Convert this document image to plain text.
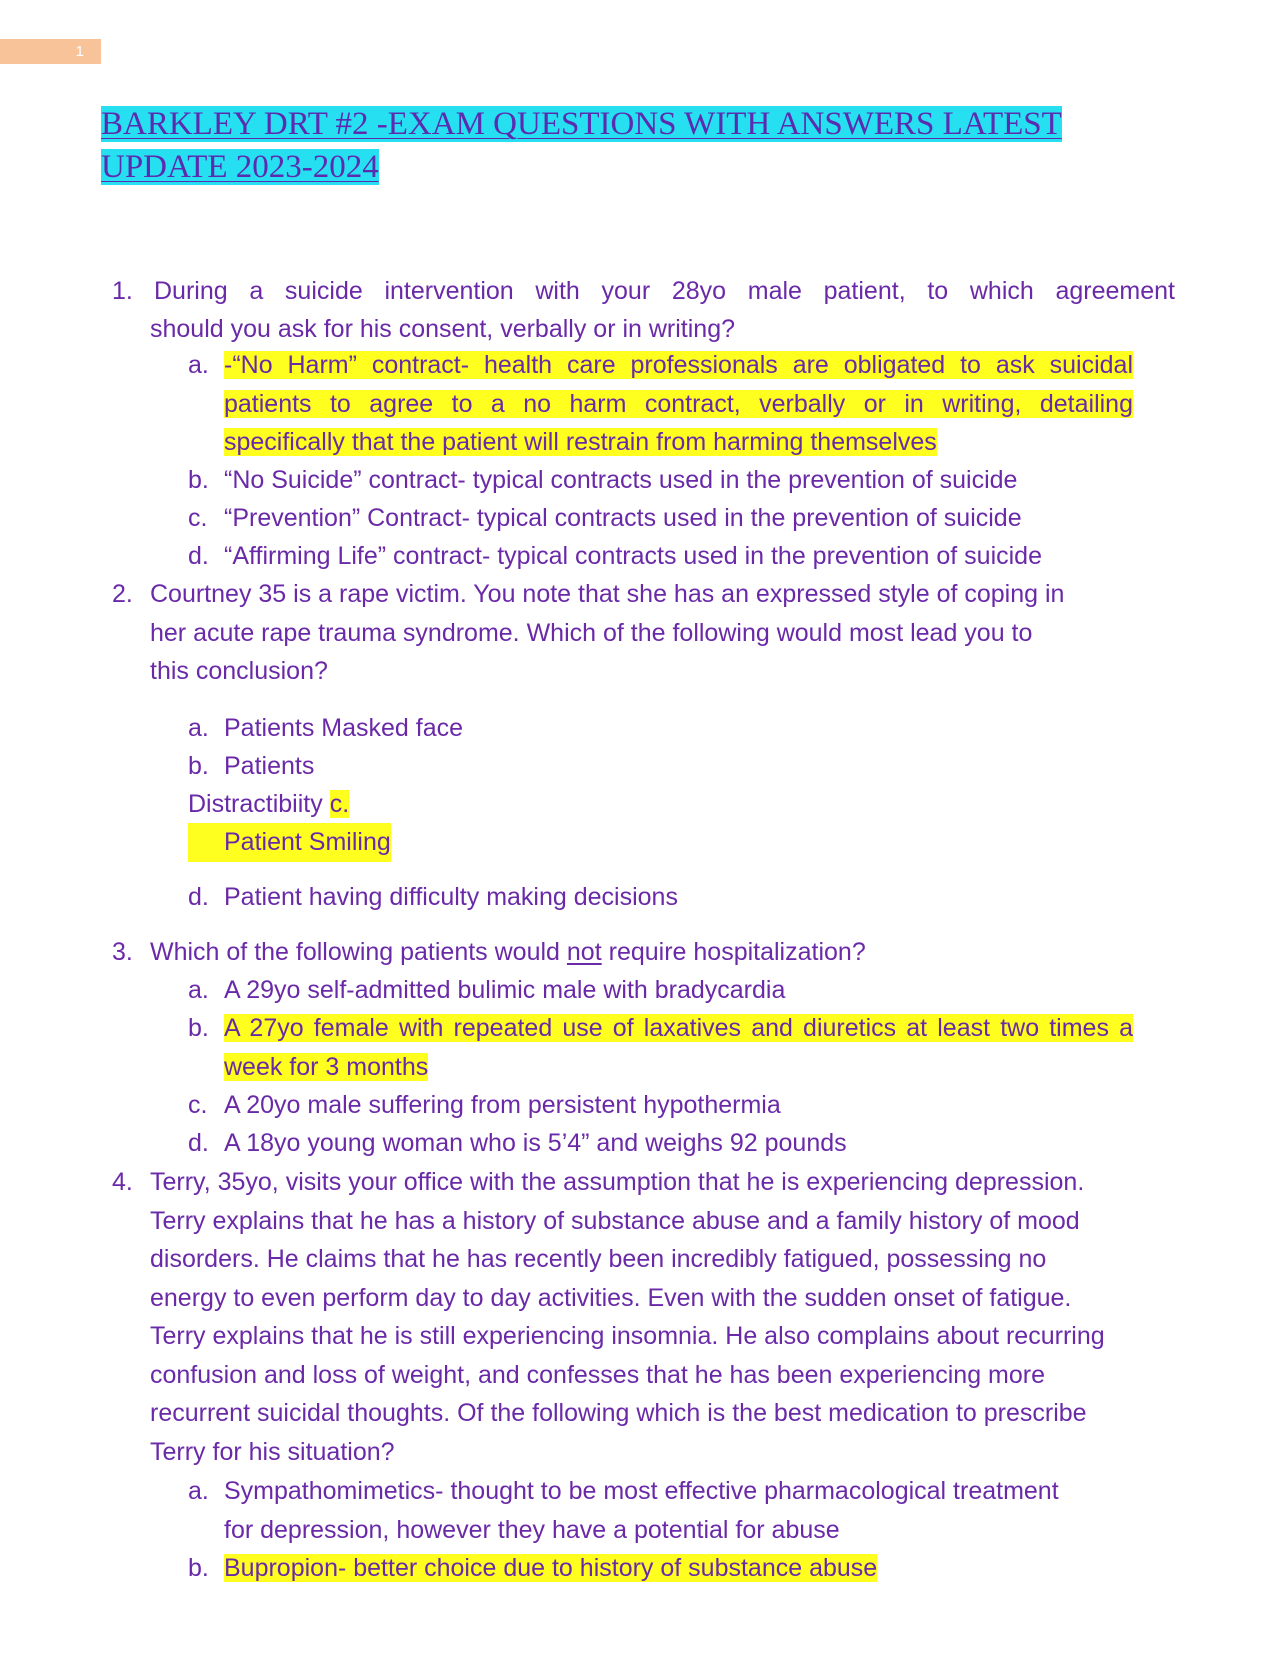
1
BARKLEY DRT #2 -EXAM QUESTIONS WITH ANSWERS LATEST
UPDATE 2023-2024
1. During a suicide intervention with your 28yo male patient, to which agreement
should you ask for his consent, verbally or in writing?
a. -“No Harm” contract- health care professionals are obligated to ask suicidal
patients to agree to a no harm contract, verbally or in writing, detailing
specifically that the patient will restrain from harming themselves
b. “No Suicide” contract- typical contracts used in the prevention of suicide
c. “Prevention” Contract- typical contracts used in the prevention of suicide
d. “Affirming Life” contract- typical contracts used in the prevention of suicide
2. Courtney 35 is a rape victim. You note that she has an expressed style of coping in
her acute rape trauma syndrome. Which of the following would most lead you to
this conclusion?
a. Patients Masked face
b. Patients
Distractibiity c.
Patient Smiling
d. Patient having difficulty making decisions
3. Which of the following patients would not require hospitalization?
a. A 29yo self-admitted bulimic male with bradycardia
b. A 27yo female with repeated use of laxatives and diuretics at least two times a
week for 3 months
c. A 20yo male suffering from persistent hypothermia
d. A 18yo young woman who is 5’4” and weighs 92 pounds
4. Terry, 35yo, visits your office with the assumption that he is experiencing depression.
Terry explains that he has a history of substance abuse and a family history of mood
disorders. He claims that he has recently been incredibly fatigued, possessing no
energy to even perform day to day activities. Even with the sudden onset of fatigue.
Terry explains that he is still experiencing insomnia. He also complains about recurring
confusion and loss of weight, and confesses that he has been experiencing more
recurrent suicidal thoughts. Of the following which is the best medication to prescribe
Terry for his situation?
a. Sympathomimetics- thought to be most effective pharmacological treatment
for depression, however they have a potential for abuse
b. Bupropion- better choice due to history of substance abuse
